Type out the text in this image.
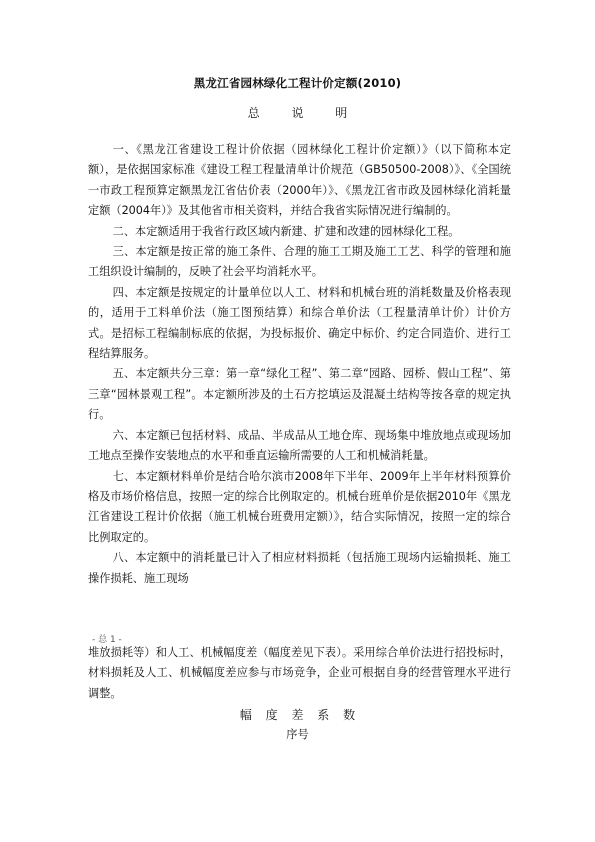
黑龙江省园林绿化工程计价定额(2010)
总 说 明

一、《黑龙江省建设工程计价依据（园林绿化工程计价定额）》（以下简称本定额），是依据国家标准《建设工程工程量清单计价规范（GB50500-2008）》、《全国统一市政工程预算定额黑龙江省估价表（2000年）》、《黑龙江省市政及园林绿化消耗量定额（2004年）》及其他省市相关资料，并结合我省实际情况进行编制的。

二、本定额适用于我省行政区域内新建、扩建和改建的园林绿化工程。

三、本定额是按正常的施工条件、合理的施工工期及施工工艺、科学的管理和施工组织设计编制的，反映了社会平均消耗水平。

四、本定额是按规定的计量单位以人工、材料和机械台班的消耗数量及价格表现的，适用于工料单价法（施工图预结算）和综合单价法（工程量清单计价）计价方式。是招标工程编制标底的依据，为投标报价、确定中标价、约定合同造价、进行工程结算服务。

五、本定额共分三章：第一章“绿化工程”、第二章“园路、园桥、假山工程”、第三章“园林景观工程”。本定额所涉及的土石方挖填运及混凝土结构等按各章的规定执行。

六、本定额已包括材料、成品、半成品从工地仓库、现场集中堆放地点或现场加工地点至操作安装地点的水平和垂直运输所需要的人工和机械消耗量。

七、本定额材料单价是结合哈尔滨市2008年下半年、2009年上半年材料预算价格及市场价格信息，按照一定的综合比例取定的。机械台班单价是依据2010年《黑龙江省建设工程计价依据（施工机械台班费用定额）》，结合实际情况，按照一定的综合比例取定的。

八、本定额中的消耗量已计入了相应材料损耗（包括施工现场内运输损耗、施工操作损耗、施工现场

- 总 1 -

堆放损耗等）和人工、机械幅度差（幅度差见下表）。采用综合单价法进行招投标时，材料损耗及人工、机械幅度差应参与市场竞争，企业可根据自身的经营管理水平进行调整。

幅 度 差 系 数
序号
